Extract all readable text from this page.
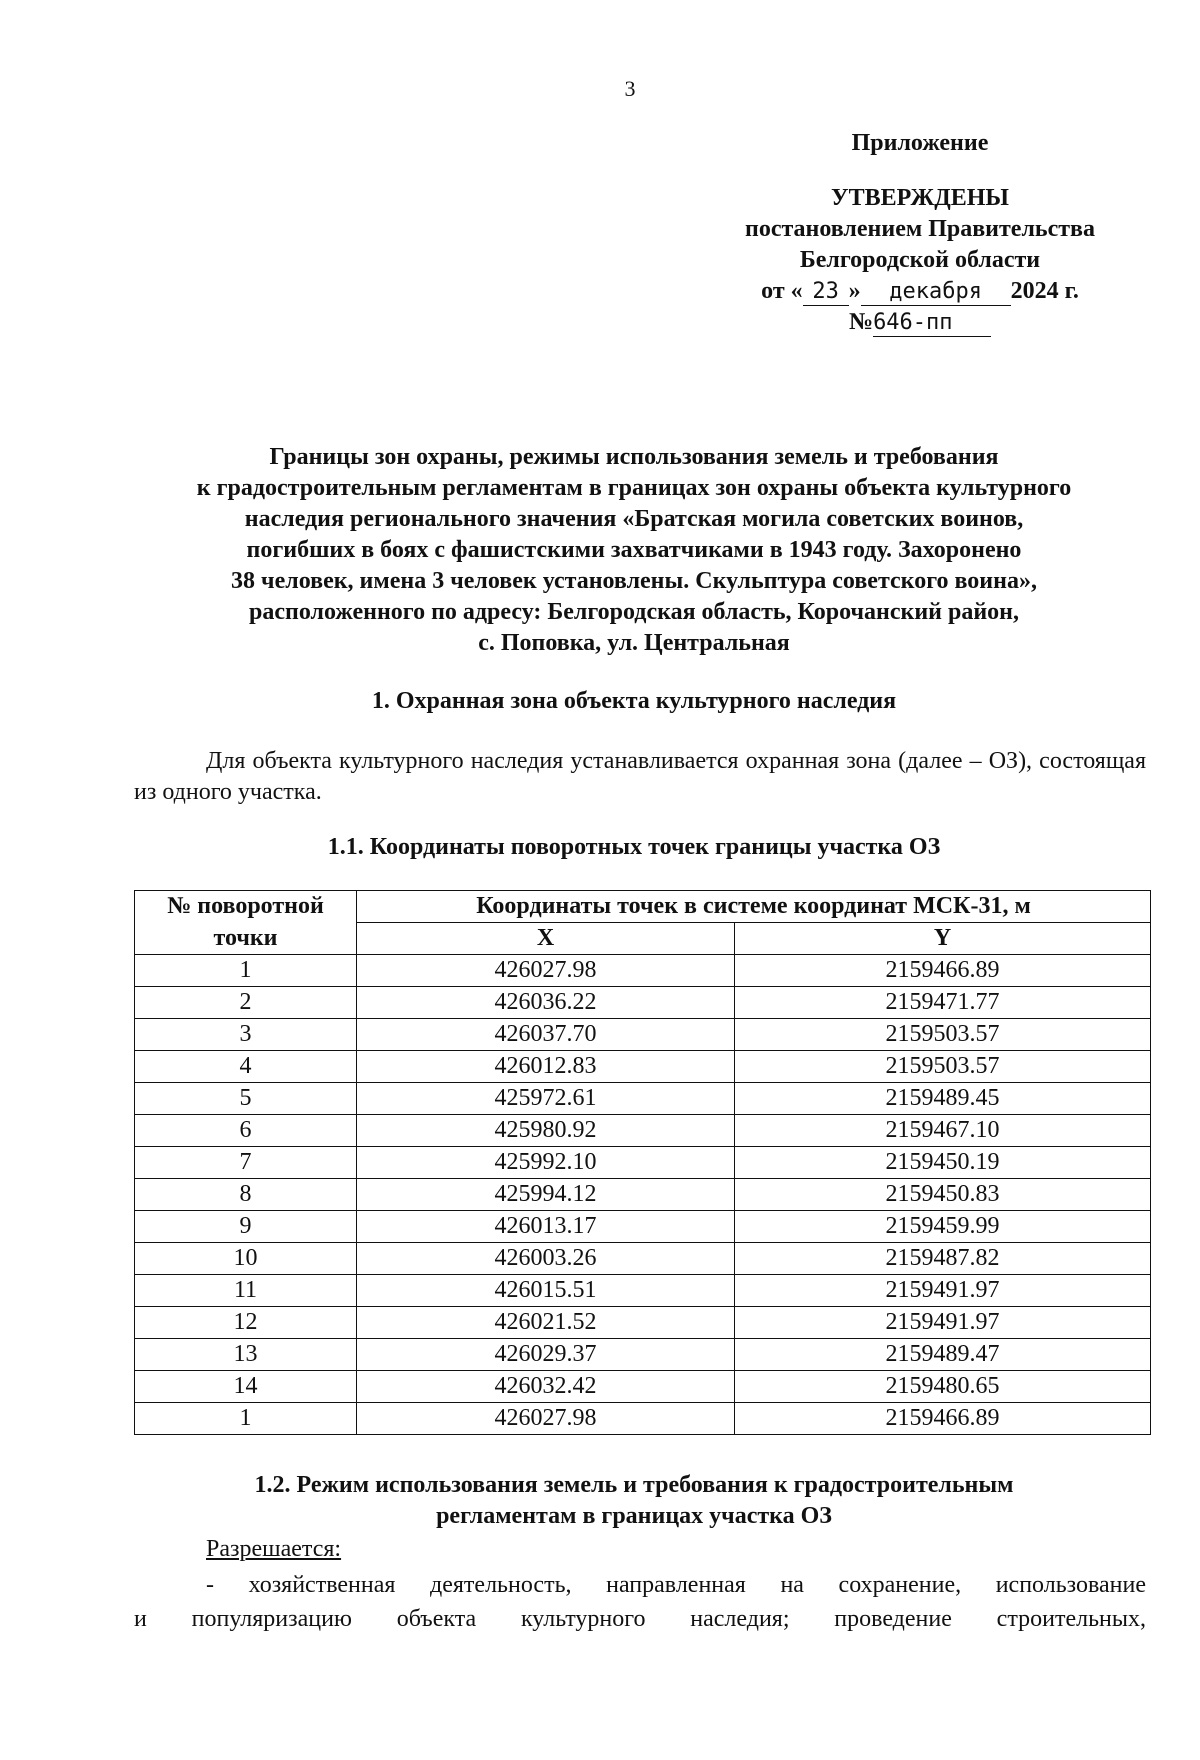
3
Приложение
УТВЕРЖДЕНЫ
постановлением Правительства
Белгородской области
от « 23 » декабря 2024 г.
№646-пп
Границы зон охраны, режимы использования земель и требования
к градостроительным регламентам в границах зон охраны объекта культурного
наследия регионального значения «Братская могила советских воинов,
погибших в боях с фашистскими захватчиками в 1943 году. Захоронено
38 человек, имена 3 человек установлены. Скульптура советского воина»,
расположенного по адресу: Белгородская область, Корочанский район,
с. Поповка, ул. Центральная
1. Охранная зона объекта культурного наследия
Для объекта культурного наследия устанавливается охранная зона (далее – ОЗ), состоящая из одного участка.
1.1. Координаты поворотных точек границы участка ОЗ
№ поворотной	Координаты точек в системе координат МСК-31, м	
точки	X	Y
1	426027.98	2159466.89
2	426036.22	2159471.77
3	426037.70	2159503.57
4	426012.83	2159503.57
5	425972.61	2159489.45
6	425980.92	2159467.10
7	425992.10	2159450.19
8	425994.12	2159450.83
9	426013.17	2159459.99
10	426003.26	2159487.82
11	426015.51	2159491.97
12	426021.52	2159491.97
13	426029.37	2159489.47
14	426032.42	2159480.65
1	426027.98	2159466.89
1.2. Режим использования земель и требования к градостроительным
регламентам в границах участка ОЗ
Разрешается:
- хозяйственная деятельность, направленная на сохранение, использование
и популяризацию объекта культурного наследия; проведение строительных,
